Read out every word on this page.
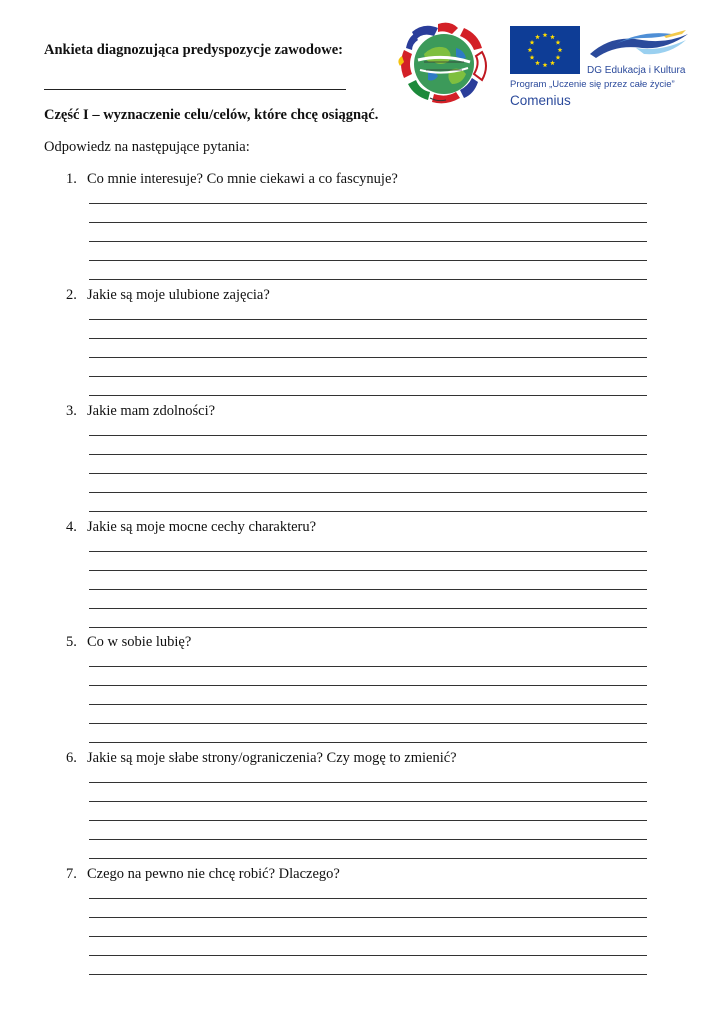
Ankieta diagnozująca predyspozycje zawodowe:
DG Edukacja i Kultura
Program „Uczenie się przez całe życie”
Comenius
Część I – wyznaczenie celu/celów, które chcę osiągnąć.

Odpowiedz na następujące pytania:

1. Co mnie interesuje? Co mnie ciekawi a co fascynuje?
2. Jakie są moje ulubione zajęcia?
3. Jakie mam zdolności?
4. Jakie są moje mocne cechy charakteru?
5. Co w sobie lubię?
6. Jakie są moje słabe strony/ograniczenia? Czy mogę to zmienić?
7. Czego na pewno nie chcę robić? Dlaczego?
